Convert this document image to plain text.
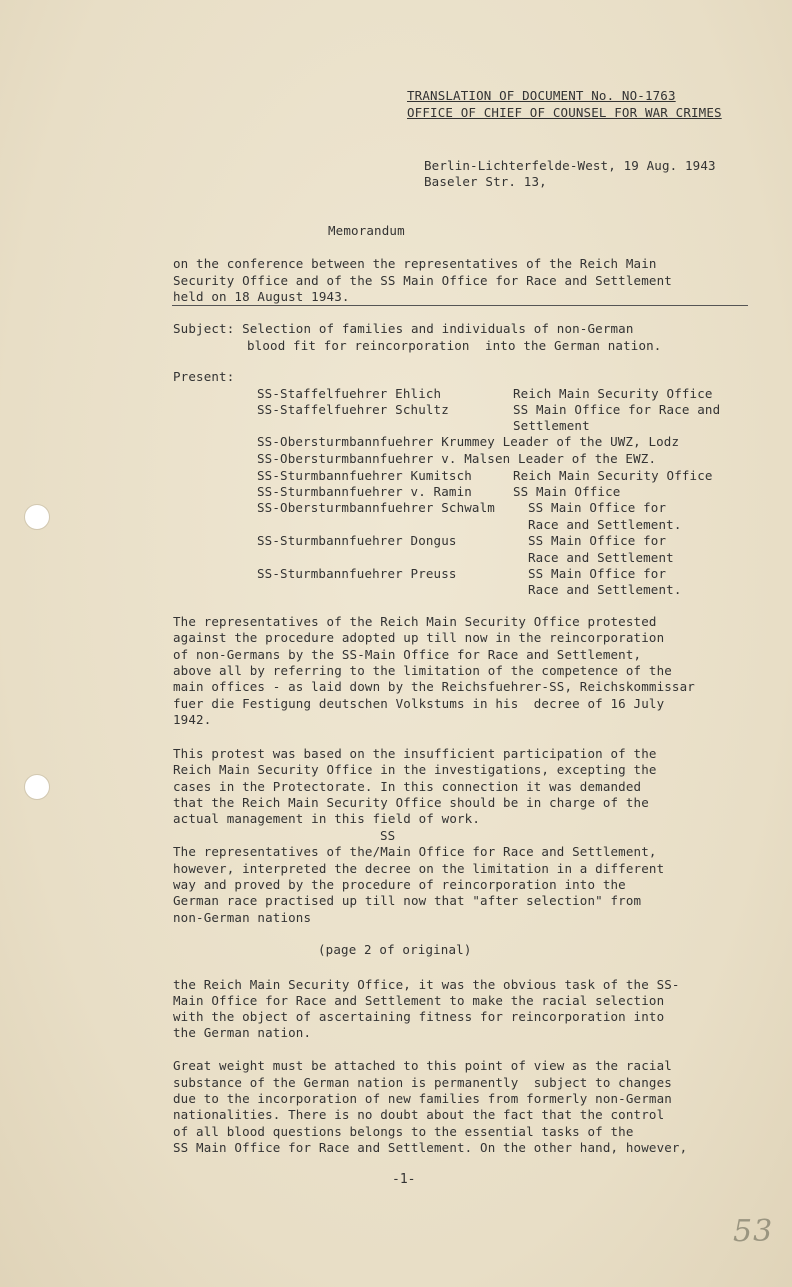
TRANSLATION OF DOCUMENT No. NO-1763
OFFICE OF CHIEF OF COUNSEL FOR WAR CRIMES
Berlin-Lichterfelde-West, 19 Aug. 1943
Baseler Str. 13,
Memorandum
on the conference between the representatives of the Reich Main
Security Office and of the SS Main Office for Race and Settlement
held on 18 August 1943.
Subject: Selection of families and individuals of non-German
blood fit for reincorporation  into the German nation.
Present:
SS-Staffelfuehrer Ehlich	Reich Main Security Office
SS-Staffelfuehrer Schultz	SS Main Office for Race and
Settlement
SS-Obersturmbannfuehrer Krummey Leader of the UWZ, Lodz
SS-Obersturmbannfuehrer v. Malsen Leader of the EWZ.
SS-Sturmbannfuehrer Kumitsch	Reich Main Security Office
SS-Sturmbannfuehrer v. Ramin	SS Main Office
SS-Obersturmbannfuehrer Schwalm	SS Main Office for
Race and Settlement.
SS-Sturmbannfuehrer Dongus	SS Main Office for
Race and Settlement
SS-Sturmbannfuehrer Preuss	SS Main Office for
Race and Settlement.
The representatives of the Reich Main Security Office protested
against the procedure adopted up till now in the reincorporation
of non-Germans by the SS-Main Office for Race and Settlement,
above all by referring to the limitation of the competence of the
main offices - as laid down by the Reichsfuehrer-SS, Reichskommissar
fuer die Festigung deutschen Volkstums in his  decree of 16 July
1942.
This protest was based on the insufficient participation of the
Reich Main Security Office in the investigations, excepting the
cases in the Protectorate. In this connection it was demanded
that the Reich Main Security Office should be in charge of the
actual management in this field of work.
SS
The representatives of the/Main Office for Race and Settlement,
however, interpreted the decree on the limitation in a different
way and proved by the procedure of reincorporation into the
German race practised up till now that "after selection" from
non-German nations
(page 2 of original)
the Reich Main Security Office, it was the obvious task of the SS-
Main Office for Race and Settlement to make the racial selection
with the object of ascertaining fitness for reincorporation into
the German nation.
Great weight must be attached to this point of view as the racial
substance of the German nation is permanently  subject to changes
due to the incorporation of new families from formerly non-German
nationalities. There is no doubt about the fact that the control
of all blood questions belongs to the essential tasks of the
SS Main Office for Race and Settlement. On the other hand, however,
-1-
53
